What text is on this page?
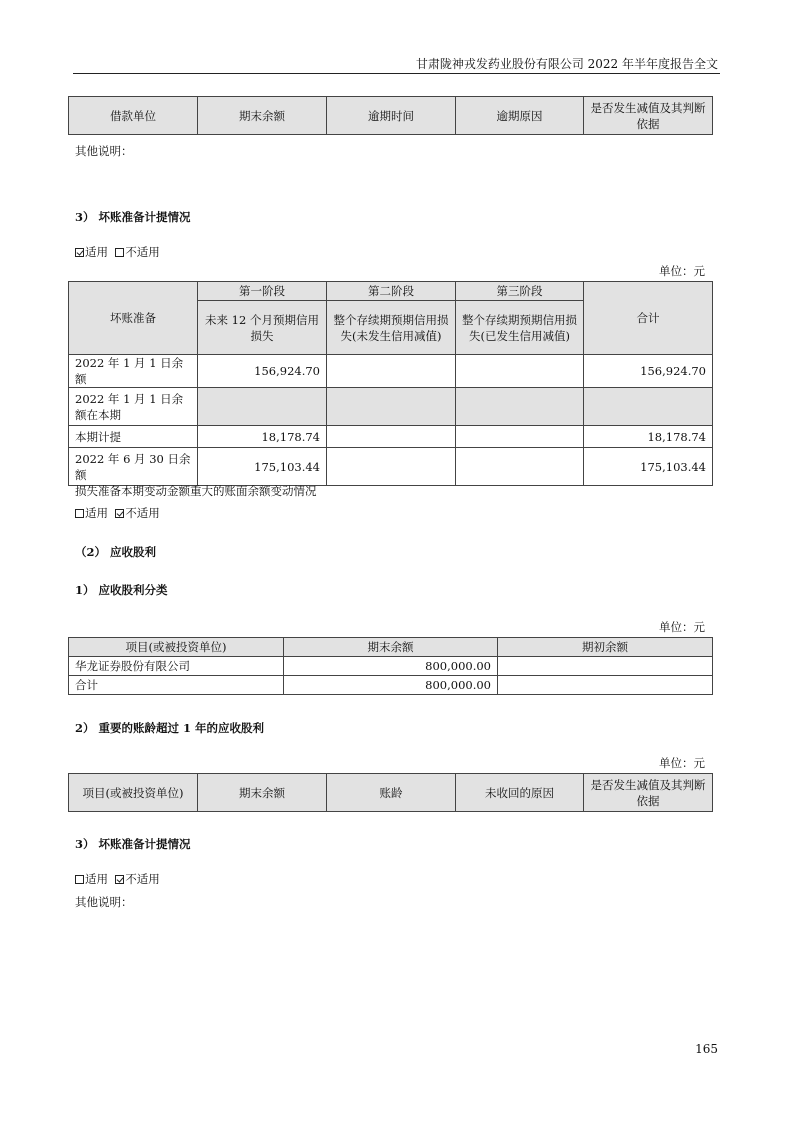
甘肃陇神戎发药业股份有限公司 2022 年半年度报告全文
借款单位	期末余额	逾期时间	逾期原因	是否发生减值及其判断依据
其他说明：
3） 坏账准备计提情况
适用 不适用
单位：元
坏账准备	第一阶段	第二阶段	第三阶段	合计
	未来 12 个月预期信用损失	整个存续期预期信用损失(未发生信用减值)	整个存续期预期信用损失(已发生信用减值)	
2022 年 1 月 1 日余额	156,924.70			156,924.70
2022 年 1 月 1 日余额在本期				
本期计提	18,178.74			18,178.74
2022 年 6 月 30 日余额	175,103.44			175,103.44
损失准备本期变动金额重大的账面余额变动情况
适用 不适用
（2） 应收股利
1） 应收股利分类
单位：元
项目(或被投资单位)	期末余额	期初余额
华龙证券股份有限公司	800,000.00	
合计	800,000.00	
2） 重要的账龄超过 1 年的应收股利
单位：元
项目(或被投资单位)	期末余额	账龄	未收回的原因	是否发生减值及其判断依据
3） 坏账准备计提情况
适用 不适用
其他说明：
165
